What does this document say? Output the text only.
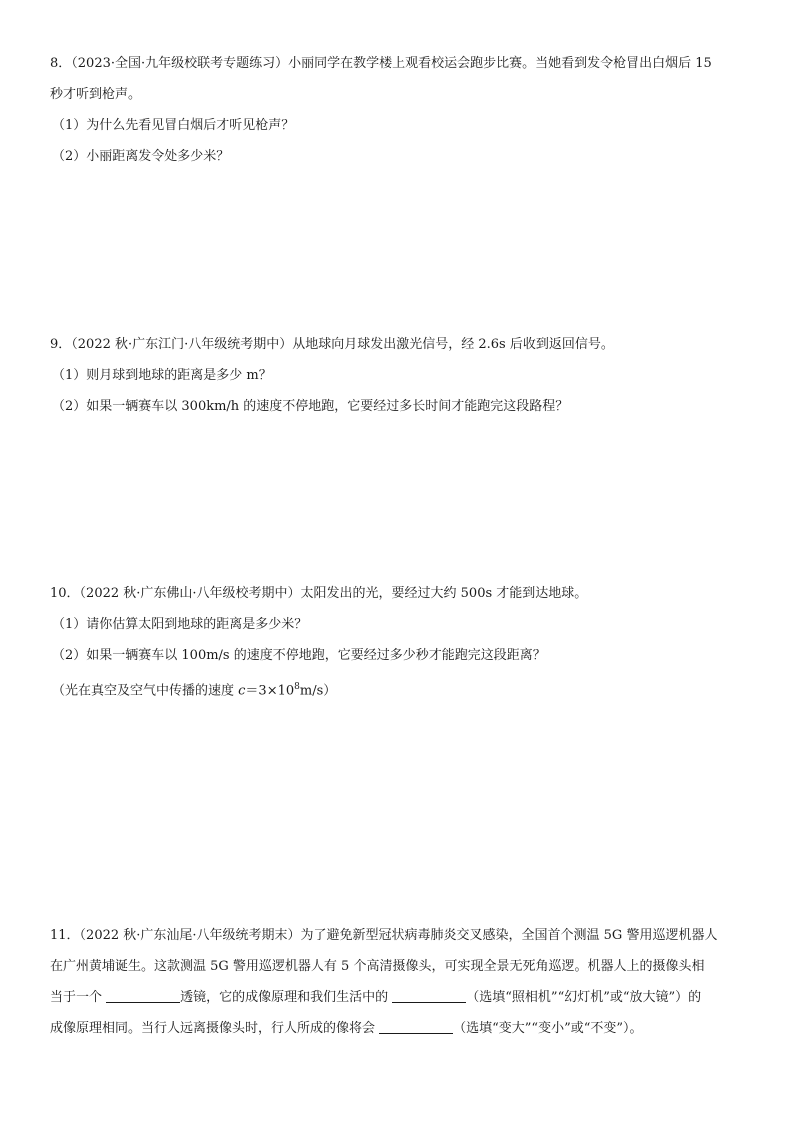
8．（2023·全国·九年级校联考专题练习）小丽同学在教学楼上观看校运会跑步比赛。当她看到发令枪冒出白烟后 15
秒才听到枪声。
（1）为什么先看见冒白烟后才听见枪声？
（2）小丽距离发令处多少米？
9．（2022 秋·广东江门·八年级统考期中）从地球向月球发出激光信号，经 2.6s 后收到返回信号。
（1）则月球到地球的距离是多少 m？
（2）如果一辆赛车以 300km/h 的速度不停地跑，它要经过多长时间才能跑完这段路程？
10．（2022 秋·广东佛山·八年级校考期中）太阳发出的光，要经过大约 500s 才能到达地球。
（1）请你估算太阳到地球的距离是多少米？
（2）如果一辆赛车以 100m/s 的速度不停地跑，它要经过多少秒才能跑完这段距离？
（光在真空及空气中传播的速度 $c=3\times 10^8m/s$）
11．（2022 秋·广东汕尾·八年级统考期末）为了避免新型冠状病毒肺炎交叉感染，全国首个测温 5G 警用巡逻机器人
在广州黄埔诞生。这款测温 5G 警用巡逻机器人有 5 个高清摄像头，可实现全景无死角巡逻。机器人上的摄像头相
当于一个	透镜，它的成像原理和我们生活中的	（选填“照相机”“幻灯机”或“放大镜”）的
成像原理相同。当行人远离摄像头时，行人所成的像将会	（选填“变大”“变小”或“不变”）。
